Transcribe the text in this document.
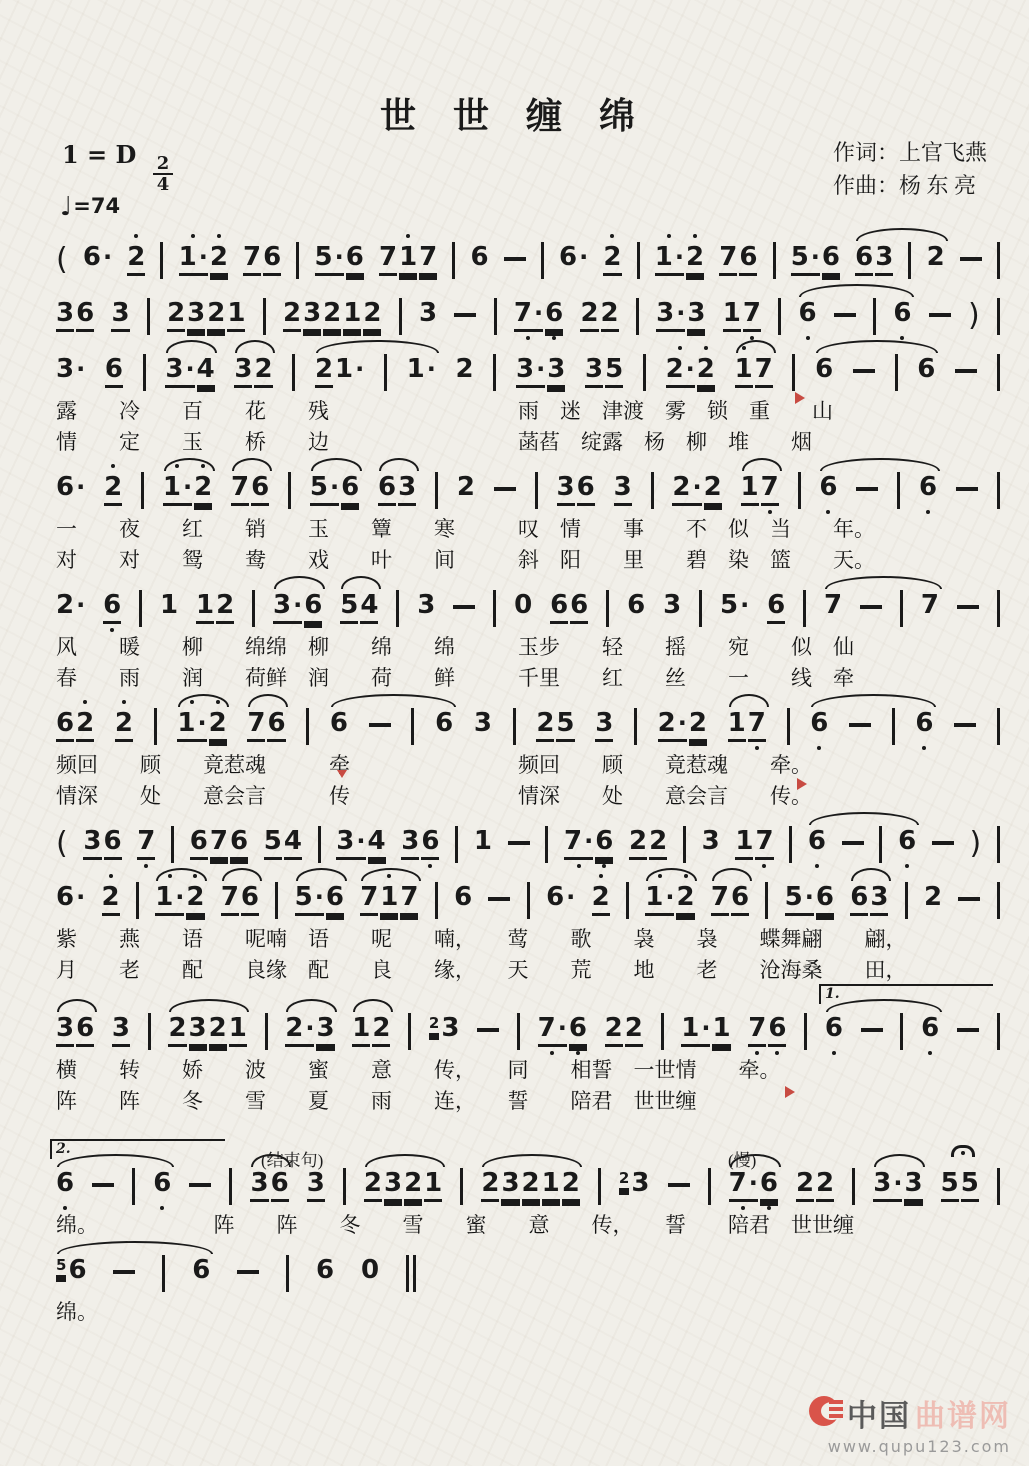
世 世 缠 绵
1 = D $\frac{2}{4}$
♩=74
作词：上官飞燕
作曲：杨 东 亮
( 6· 2 1· 2 7 6 5· 6 7 1 7 6	6· 2 1· 2 7 6 5· 6 6 3 2
3 6 3 2 3 2 1 2 3 2 1 2 3	7· 6 2 2 3· 3 1 7 6	6 )
3· 6 3· 4 3 2 2 1· 1· 2 3· 3 3 5 2· 2 1 7 6	6
露　　冷　　百　　花　　残　　　　　　　　　雨　迷　津渡　雾　锁　重　　山
情　　定　　玉　　桥　　边　　　　　　　　　菡萏　绽露　杨　柳　堆　　烟
6· 2 1· 2 7 6 5· 6 6 3 2	3 6 3 2· 2 1 7 6	6
一　　夜　　红　　销　　玉　　簟　　寒　　　叹　情　　事　　不　似　当　　年。
对　　对　　鸳　　鸯　　戏　　叶　　间　　　斜　阳　　里　　碧　染　篮　　天。
2· 6 1 1 2 3· 6 5 4 3	0 6 6 6 3 5· 6 7	7
风　　暖　　柳　　绵绵　柳　　绵　　绵　　　玉步　　轻　　摇　　宛　　似　仙
春　　雨　　润　　荷鲜　润　　荷　　鲜　　　千里　　红　　丝　　一　　线　牵
6 2 2 1· 2 7 6 6	6 3 2 5 3 2· 2 1 7 6	6
频回　　顾　　竟惹魂　　　牵　　　　　　　　频回　　顾　　竟惹魂　　牵。
情深　　处　　意会言　　　传　　　　　　　　情深　　处　　意会言　　传。
( 3 6 7 6 7 6 5 4 3· 4 3 6 1	7· 6 2 2 3 1 7 6	6 )
6· 2 1· 2 7 6 5· 6 7 1 7 6	6· 2 1· 2 7 6 5· 6 6 3 2
紫　　燕　　语　　呢喃　语　　呢　　喃，　　莺　　歌　　袅　　袅　　蝶舞翩　　翩，
月　　老　　配　　良缘　配　　良　　缘，　　天　　荒　　地　　老　　沧海桑　　田，
3 6 3 2 3 2 1 2· 3 1 2	2 3	7· 6 2 2 1· 1 7 6 6	6
1.
横　　转　　娇　　波　　蜜　　意　　传，　　同　　相誓　一世情　　牵。
阵　　阵　　冬　　雪　　夏　　雨　　连，　　誓　　陪君　世世缠
(结束句)	(慢)
6	6	3 6 3 2 3 2 1 2 3 2 1 2	2 3	7· 6 2 2 3· 3 5 5
2.
绵。　　　　　　阵　　阵　　冬　　雪　　蜜　　意　　传，　　誓　　陪君　世世缠
5 6	6	6 0
绵。
中国 曲谱网
www.qupu123.com
